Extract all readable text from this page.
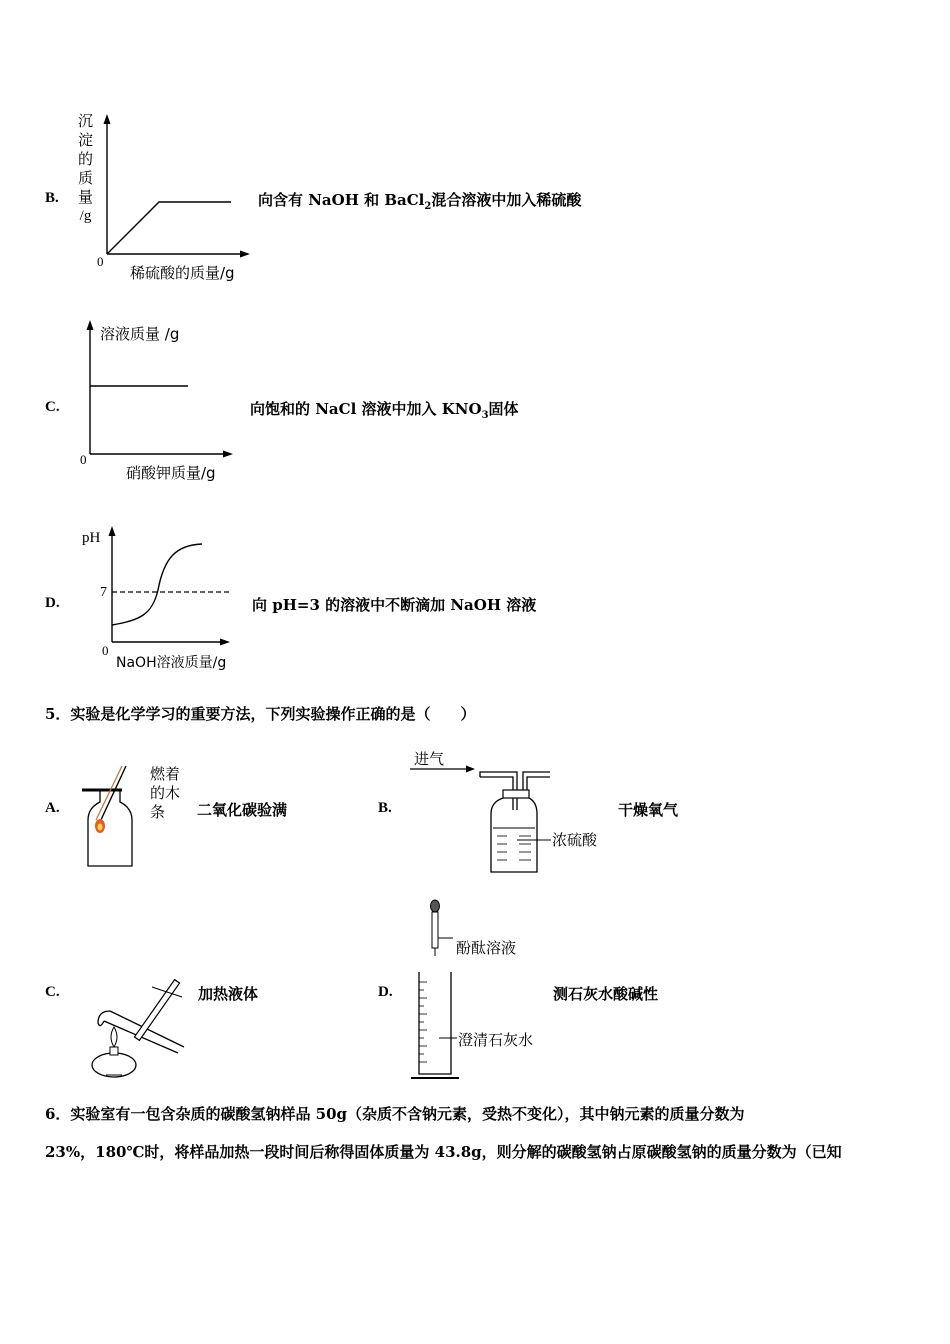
B.
沉
淀
的
质
量
/g
0
稀硫酸的质量/g
向含有 NaOH 和 BaCl$_2$混合溶液中加入稀硫酸
C.
溶液质量 /g
0
硝酸钾质量/g
向饱和的 NaCl 溶液中加入 $KNO_3$固体
D.
pH
7
0
NaOH溶液质量/g
向 pH=3 的溶液中不断滴加 NaOH 溶液
5．实验是化学学习的重要方法，下列实验操作正确的是（　　）
A.
燃着
的木
条	二氧化碳验满	B.
进气
浓硫酸
干燥氧气
C.	加热液体	D.
酚酞溶液
澄清石灰水
测石灰水酸碱性
6．实验室有一包含杂质的碳酸氢钠样品 50g（杂质不含钠元素，受热不变化），其中钠元素的质量分数为
23%，180℃时，将样品加热一段时间后称得固体质量为 43.8g，则分解的碳酸氢钠占原碳酸氢钠的质量分数为（已知
